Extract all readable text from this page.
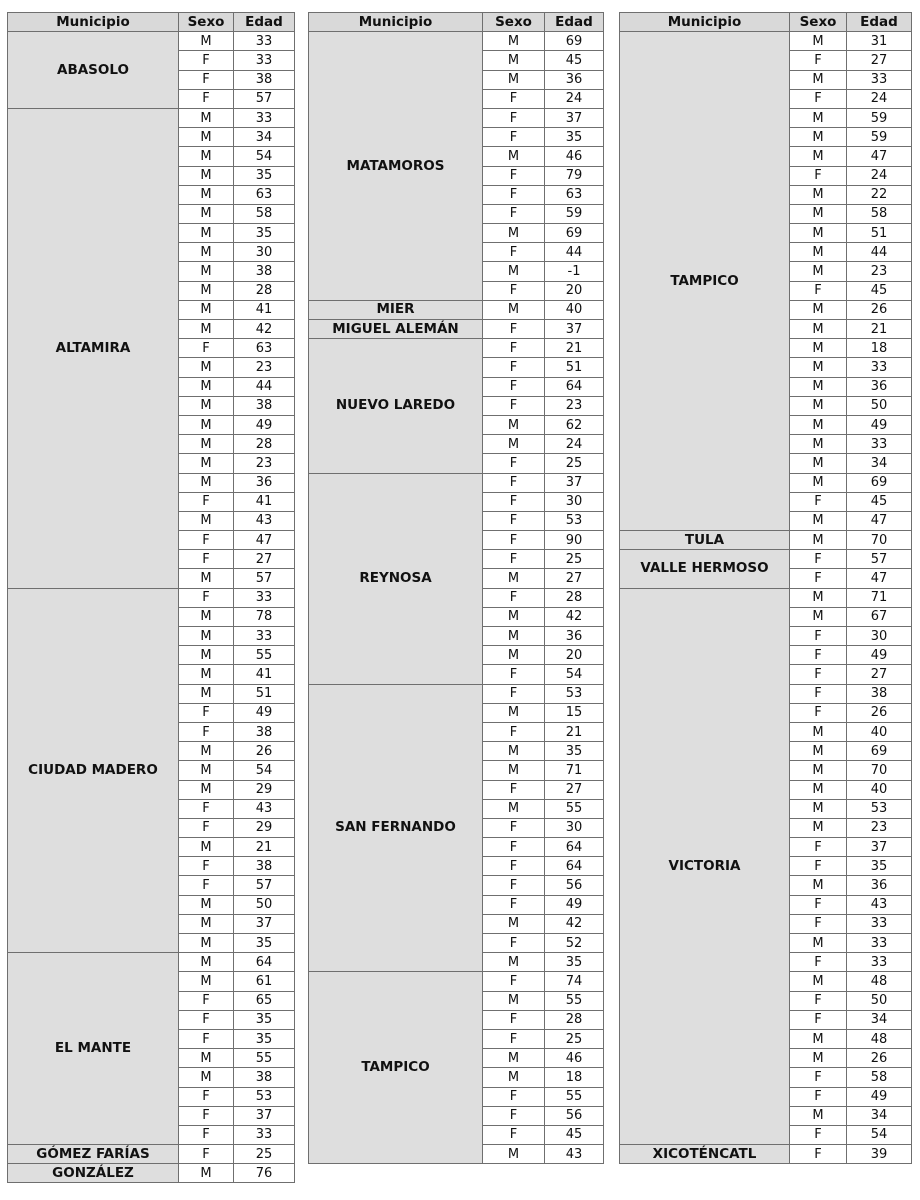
Municipio	Sexo	Edad
ABASOLO	M	33
	F	33
	F	38
	F	57
ALTAMIRA	M	33
	M	34
	M	54
	M	35
	M	63
	M	58
	M	35
	M	30
	M	38
	M	28
	M	41
	M	42
	F	63
	M	23
	M	44
	M	38
	M	49
	M	28
	M	23
	M	36
	F	41
	M	43
	F	47
	F	27
	M	57
CIUDAD MADERO	F	33
	M	78
	M	33
	M	55
	M	41
	M	51
	F	49
	F	38
	M	26
	M	54
	M	29
	F	43
	F	29
	M	21
	F	38
	F	57
	M	50
	M	37
	M	35
EL MANTE	M	64
	M	61
	F	65
	F	35
	F	35
	M	55
	M	38
	F	53
	F	37
	F	33
GÓMEZ FARÍAS	F	25
GONZÁLEZ	M	76
Municipio	Sexo	Edad
MATAMOROS	M	69
	M	45
	M	36
	F	24
	F	37
	F	35
	M	46
	F	79
	F	63
	F	59
	M	69
	F	44
	M	-1
	F	20
MIER	M	40
MIGUEL ALEMÁN	F	37
NUEVO LAREDO	F	21
	F	51
	F	64
	F	23
	M	62
	M	24
	F	25
REYNOSA	F	37
	F	30
	F	53
	F	90
	F	25
	M	27
	F	28
	M	42
	M	36
	M	20
	F	54
SAN FERNANDO	F	53
	M	15
	F	21
	M	35
	M	71
	F	27
	M	55
	F	30
	F	64
	F	64
	F	56
	F	49
	M	42
	F	52
	M	35
TAMPICO	F	74
	M	55
	F	28
	F	25
	M	46
	M	18
	F	55
	F	56
	F	45
	M	43
Municipio	Sexo	Edad
TAMPICO	M	31
	F	27
	M	33
	F	24
	M	59
	M	59
	M	47
	F	24
	M	22
	M	58
	M	51
	M	44
	M	23
	F	45
	M	26
	M	21
	M	18
	M	33
	M	36
	M	50
	M	49
	M	33
	M	34
	M	69
	F	45
	M	47
TULA	M	70
VALLE HERMOSO	F	57
	F	47
VICTORIA	M	71
	M	67
	F	30
	F	49
	F	27
	F	38
	F	26
	M	40
	M	69
	M	70
	M	40
	M	53
	M	23
	F	37
	F	35
	M	36
	F	43
	F	33
	M	33
	F	33
	M	48
	F	50
	F	34
	M	48
	M	26
	F	58
	F	49
	M	34
	F	54
XICOTÉNCATL	F	39
